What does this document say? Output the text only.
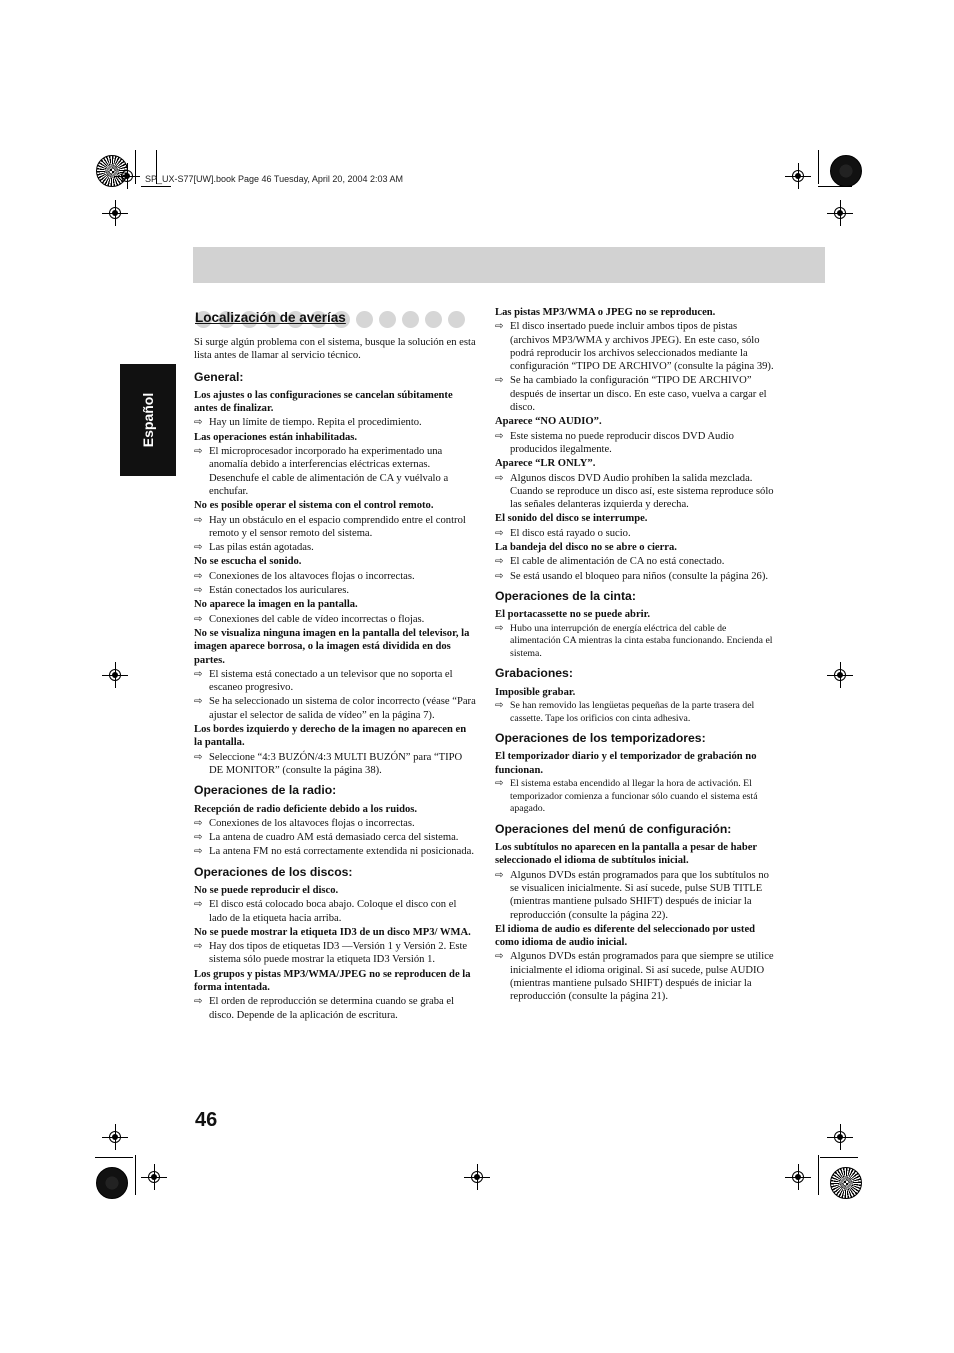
SP_UX-S77[UW].book Page 46 Tuesday, April 20, 2004 2:03 AM
Español
Localización de averías

Si surge algún problema con el sistema, busque la solución en esta lista antes de llamar al servicio técnico.

General:
Los ajustes o las configuraciones se cancelan súbitamente antes de finalizar.
⇨ Hay un límite de tiempo. Repita el procedimiento.
Las operaciones están inhabilitadas.
⇨ El microprocesador incorporado ha experimentado una anomalía debido a interferencias eléctricas externas. Desenchufe el cable de alimentación de CA y vuélvalo a enchufar.
No es posible operar el sistema con el control remoto.
⇨ Hay un obstáculo en el espacio comprendido entre el control remoto y el sensor remoto del sistema.
⇨ Las pilas están agotadas.
No se escucha el sonido.
⇨ Conexiones de los altavoces flojas o incorrectas.
⇨ Están conectados los auriculares.
No aparece la imagen en la pantalla.
⇨ Conexiones del cable de vídeo incorrectas o flojas.
No se visualiza ninguna imagen en la pantalla del televisor, la imagen aparece borrosa, o la imagen está dividida en dos partes.
⇨ El sistema está conectado a un televisor que no soporta el escaneo progresivo.
⇨ Se ha seleccionado un sistema de color incorrecto (véase “Para ajustar el selector de salida de vídeo” en la página 7).
Los bordes izquierdo y derecho de la imagen no aparecen en la pantalla.
⇨ Seleccione “4:3 BUZÓN/4:3 MULTI BUZÓN” para “TIPO DE MONITOR” (consulte la página 38).
Operaciones de la radio:
Recepción de radio deficiente debido a los ruidos.
⇨ Conexiones de los altavoces flojas o incorrectas.
⇨ La antena de cuadro AM está demasiado cerca del sistema.
⇨ La antena FM no está correctamente extendida ni posicionada.
Operaciones de los discos:
No se puede reproducir el disco.
⇨ El disco está colocado boca abajo. Coloque el disco con el lado de la etiqueta hacia arriba.
No se puede mostrar la etiqueta ID3 de un disco MP3/ WMA.
⇨ Hay dos tipos de etiquetas ID3 —Versión 1 y Versión 2. Este sistema sólo puede mostrar la etiqueta ID3 Versión 1.
Los grupos y pistas MP3/WMA/JPEG no se reproducen de la forma intentada.
⇨ El orden de reproducción se determina cuando se graba el disco. Depende de la aplicación de escritura.
Las pistas MP3/WMA o JPEG no se reproducen.
⇨ El disco insertado puede incluir ambos tipos de pistas (archivos MP3/WMA y archivos JPEG). En este caso, sólo podrá reproducir los archivos seleccionados mediante la configuración “TIPO DE ARCHIVO” (consulte la página 39).
⇨ Se ha cambiado la configuración “TIPO DE ARCHIVO” después de insertar un disco. En este caso, vuelva a cargar el disco.
Aparece “NO AUDIO”.
⇨ Este sistema no puede reproducir discos DVD Audio producidos ilegalmente.
Aparece “LR ONLY”.
⇨ Algunos discos DVD Audio prohíben la salida mezclada. Cuando se reproduce un disco así, este sistema reproduce sólo las señales delanteras izquierda y derecha.
El sonido del disco se interrumpe.
⇨ El disco está rayado o sucio.
La bandeja del disco no se abre o cierra.
⇨ El cable de alimentación de CA no está conectado.
⇨ Se está usando el bloqueo para niños (consulte la página 26).
Operaciones de la cinta:
El portacassette no se puede abrir.
⇨ Hubo una interrupción de energía eléctrica del cable de alimentación CA mientras la cinta estaba funcionando. Encienda el sistema.
Grabaciones:
Imposible grabar.
⇨ Se han removido las lengüetas pequeñas de la parte trasera del cassette. Tape los orificios con cinta adhesiva.
Operaciones de los temporizadores:
El temporizador diario y el temporizador de grabación no funcionan.
⇨ El sistema estaba encendido al llegar la hora de activación. El temporizador comienza a funcionar sólo cuando el sistema está apagado.
Operaciones del menú de configuración:
Los subtítulos no aparecen en la pantalla a pesar de haber seleccionado el idioma de subtítulos inicial.
⇨ Algunos DVDs están programados para que los subtítulos no se visualicen inicialmente. Si así sucede, pulse SUB TITLE (mientras mantiene pulsado SHIFT) después de iniciar la reproducción (consulte la página 22).
El idioma de audio es diferente del seleccionado por usted como idioma de audio inicial.
⇨ Algunos DVDs están programados para que siempre se utilice inicialmente el idioma original. Si así sucede, pulse AUDIO (mientras mantiene pulsado SHIFT) después de iniciar la reproducción (consulte la página 21).
46
